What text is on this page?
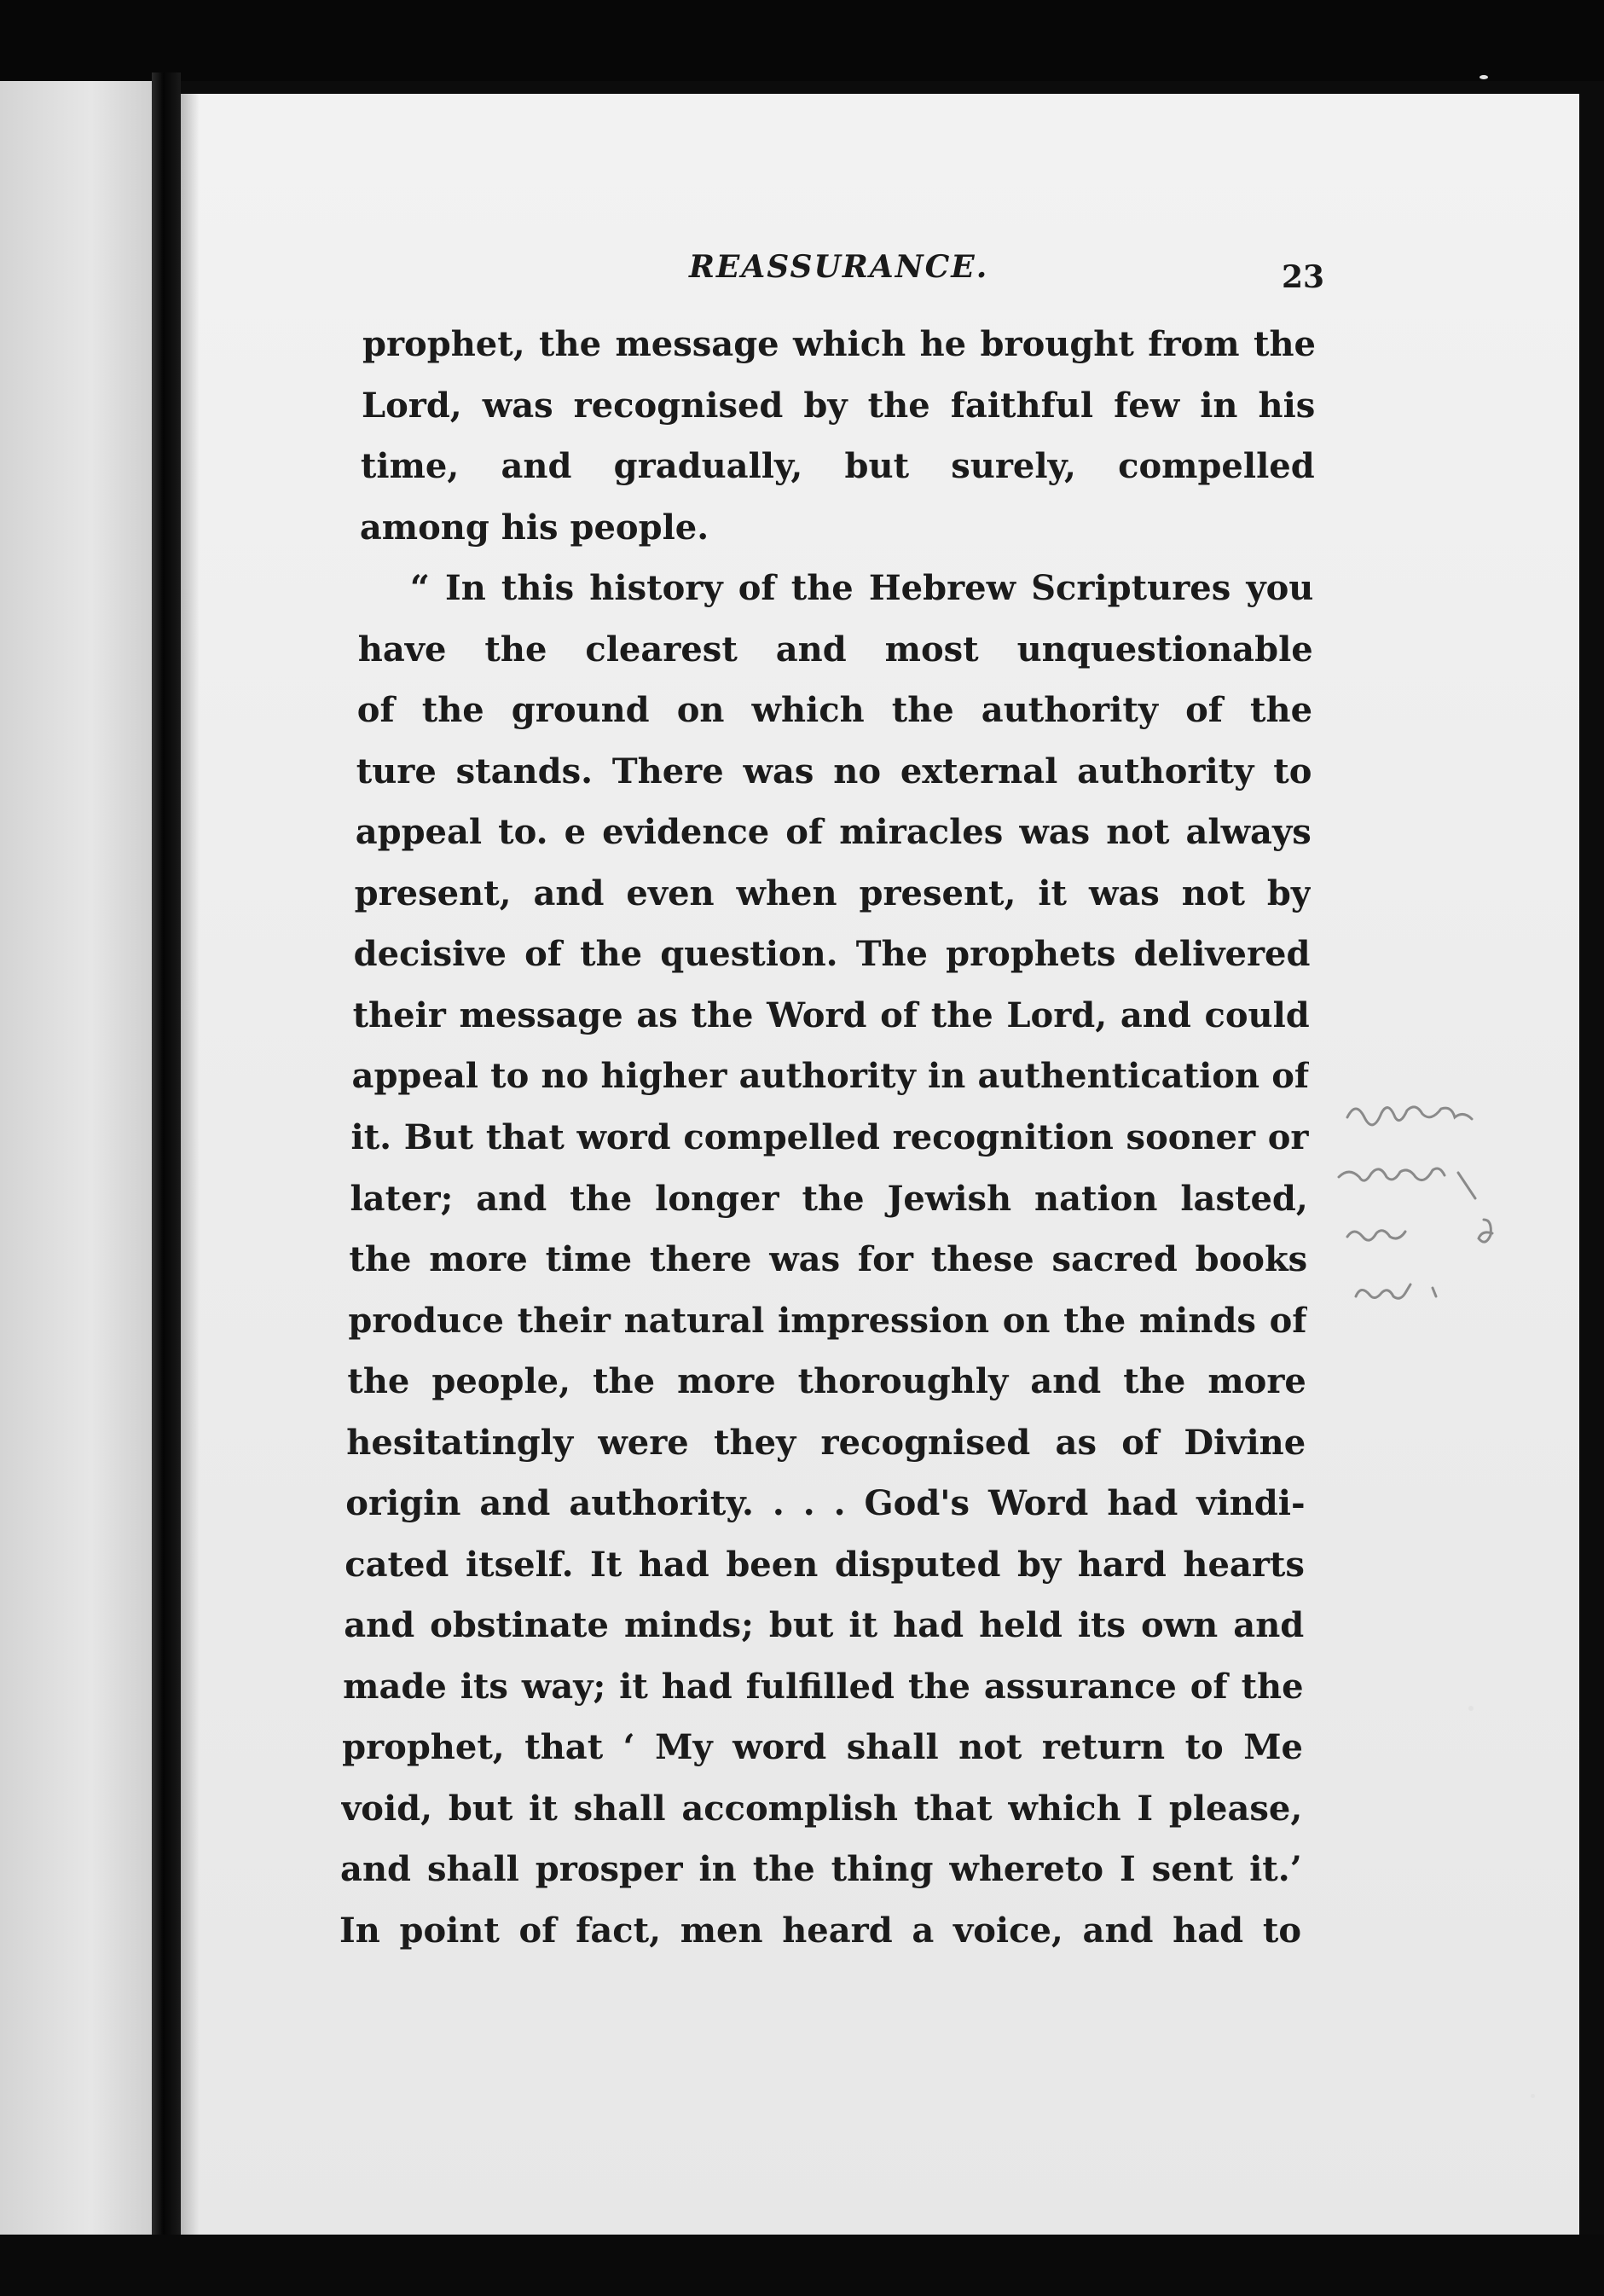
REASSURANCE.	23
prophet, the message which he brought from the
Lord, was recognised by the faithful few in his
time, and gradually, but surely, compelled
among his people.
“ In this history of the Hebrew Scriptures you
have the clearest and most unquestionable
of the ground on which the authority of the
ture stands. There was no external authority to
appeal to. e evidence of miracles was not always
present, and even when present, it was not by
decisive of the question. The prophets delivered
their message as the Word of the Lord, and could
appeal to no higher authority in authentication of
it. But that word compelled recognition sooner or
later; and the longer the Jewish nation lasted,
the more time there was for these sacred books
produce their natural impression on the minds of
the people, the more thoroughly and the more
hesitatingly were they recognised as of Divine
origin and authority. . . . God's Word had vindi-
cated itself. It had been disputed by hard hearts
and obstinate minds; but it had held its own and
made its way; it had fulfilled the assurance of the
prophet, that ‘ My word shall not return to Me
void, but it shall accomplish that which I please,
and shall prosper in the thing whereto I sent it.’
In point of fact, men heard a voice, and had to
